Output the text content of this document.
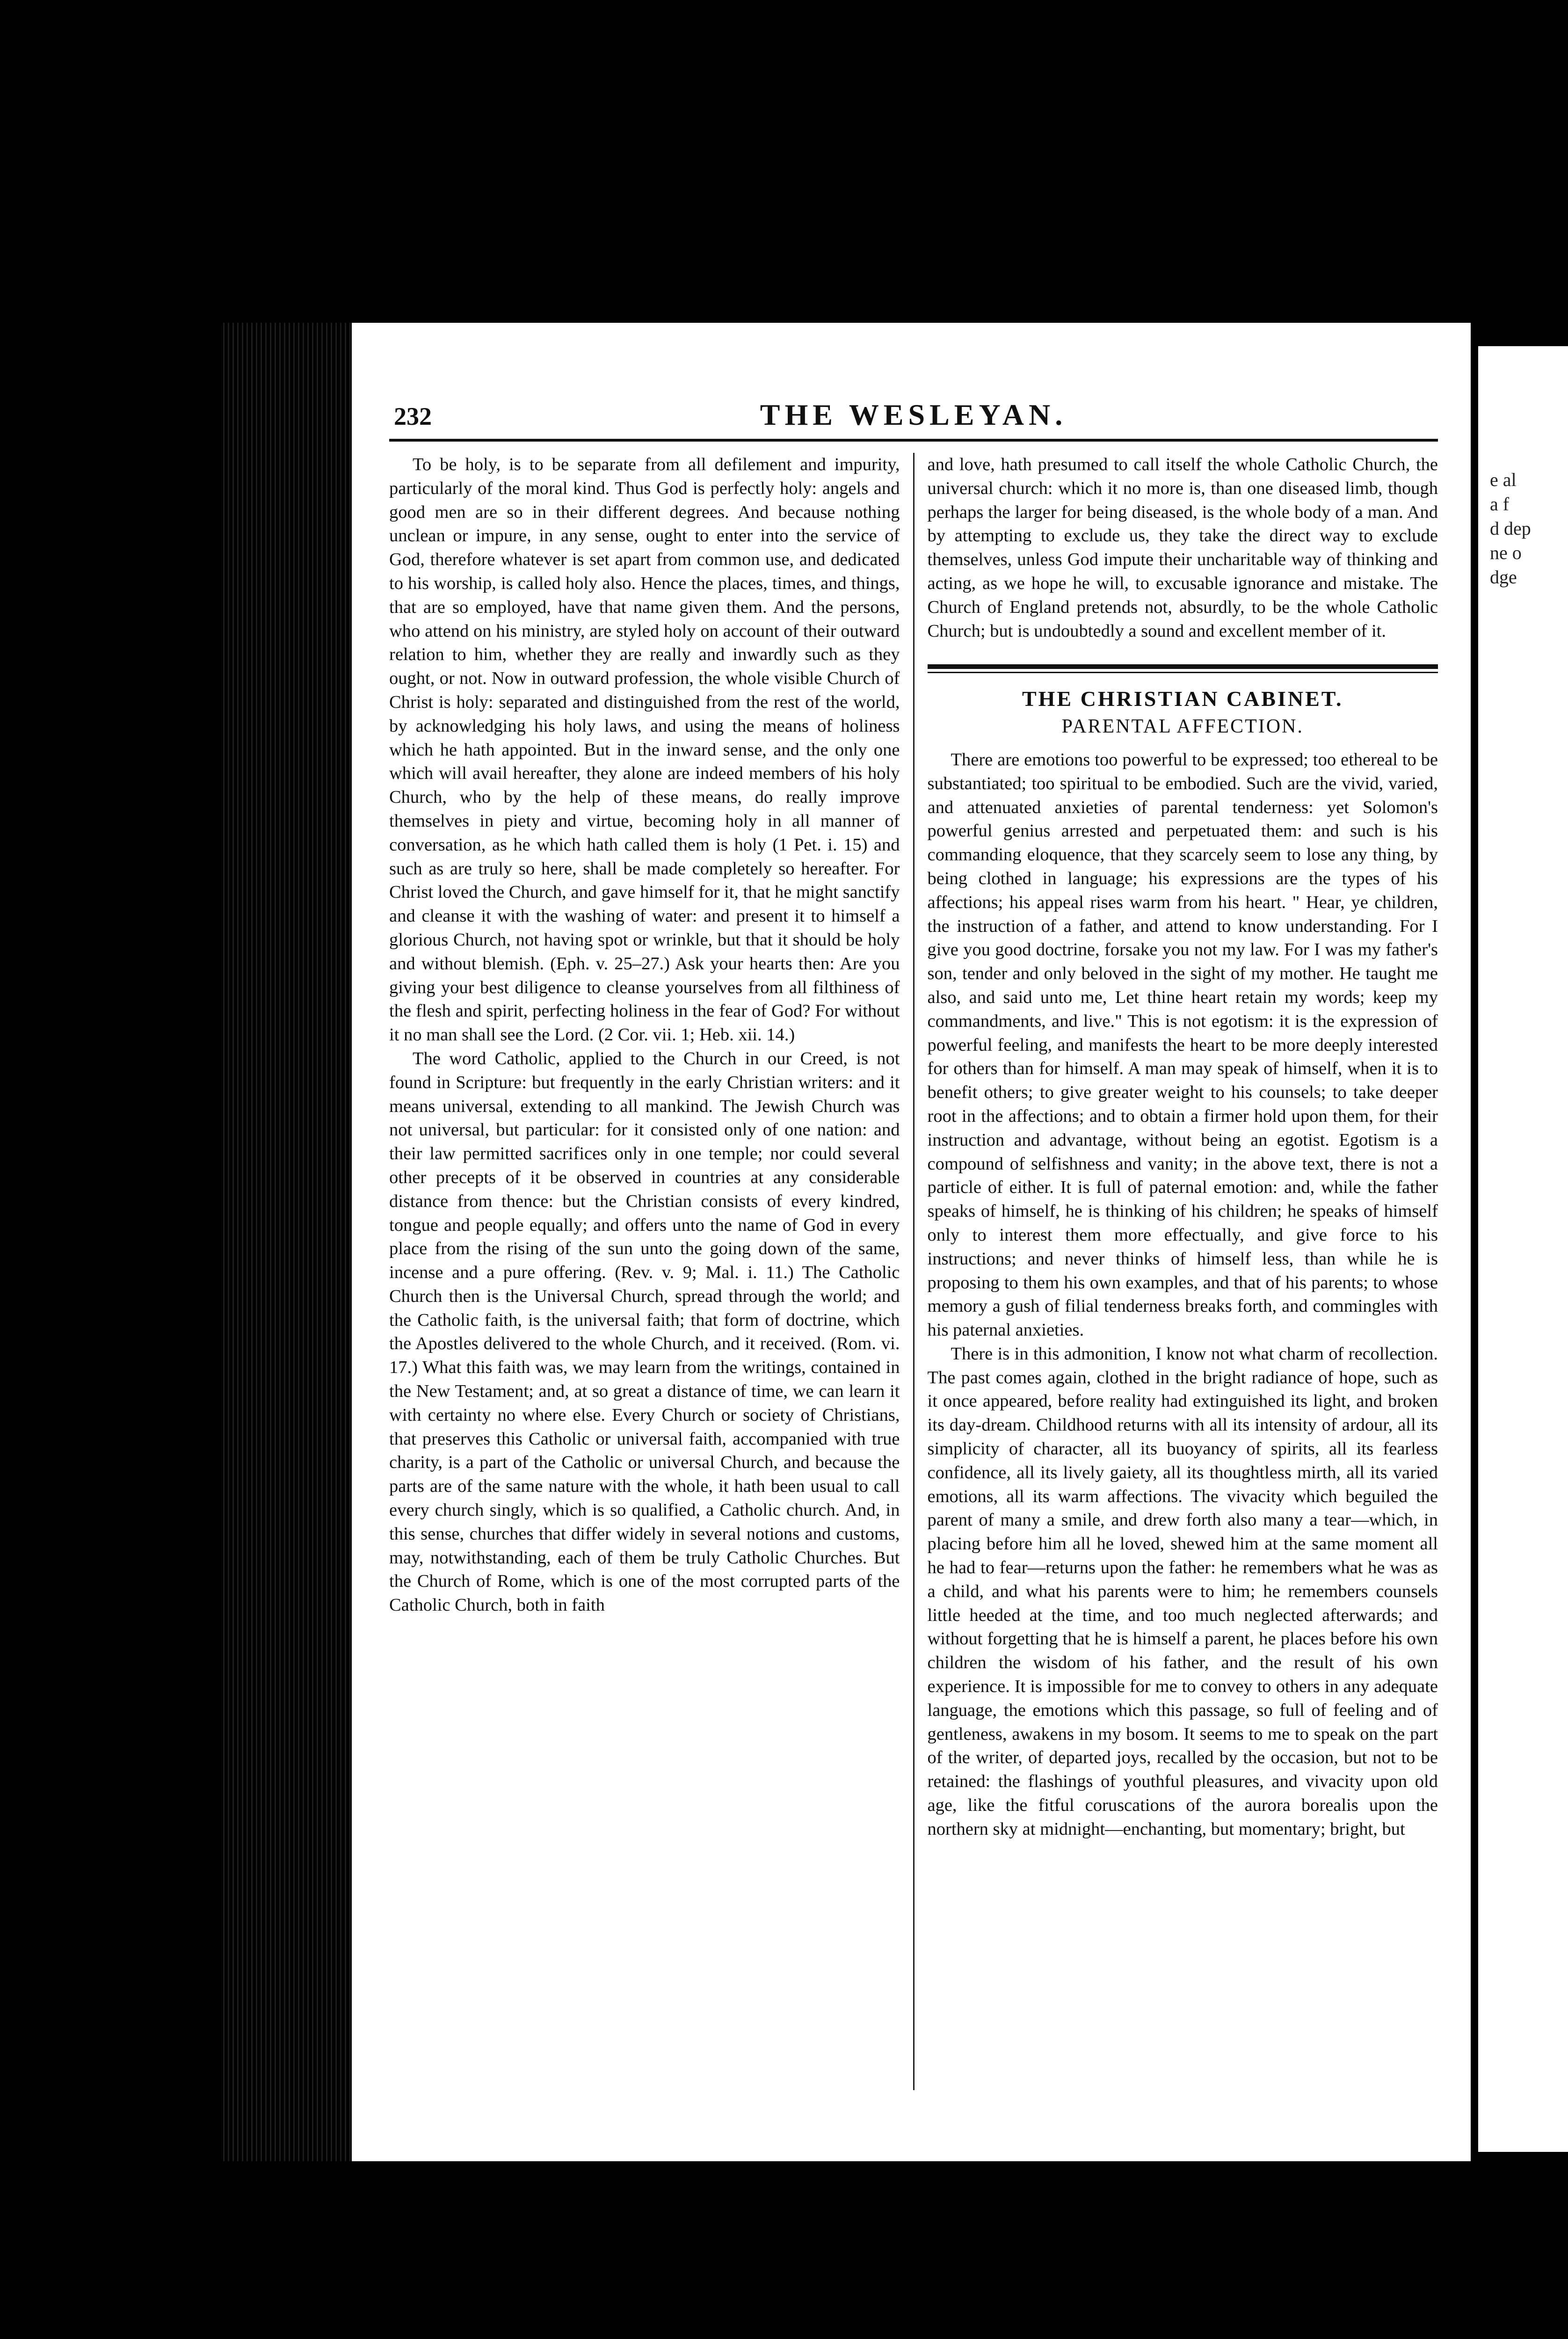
232	THE WESLEYAN.

To be holy, is to be separate from all defilement and impurity, particularly of the moral kind. Thus God is perfectly holy: angels and good men are so in their different degrees. And because nothing unclean or impure, in any sense, ought to enter into the service of God, therefore whatever is set apart from common use, and dedicated to his worship, is called holy also. Hence the places, times, and things, that are so employed, have that name given them. And the persons, who attend on his ministry, are styled holy on account of their outward relation to him, whether they are really and inwardly such as they ought, or not. Now in outward profession, the whole visible Church of Christ is holy: separated and distinguished from the rest of the world, by acknowledging his holy laws, and using the means of holiness which he hath appointed. But in the inward sense, and the only one which will avail hereafter, they alone are indeed members of his holy Church, who by the help of these means, do really improve themselves in piety and virtue, becoming holy in all manner of conversation, as he which hath called them is holy (1 Pet. i. 15) and such as are truly so here, shall be made completely so hereafter. For Christ loved the Church, and gave himself for it, that he might sanctify and cleanse it with the washing of water: and present it to himself a glorious Church, not having spot or wrinkle, but that it should be holy and without blemish. (Eph. v. 25–27.) Ask your hearts then: Are you giving your best diligence to cleanse yourselves from all filthiness of the flesh and spirit, perfecting holiness in the fear of God? For without it no man shall see the Lord. (2 Cor. vii. 1; Heb. xii. 14.)

The word Catholic, applied to the Church in our Creed, is not found in Scripture: but frequently in the early Christian writers: and it means universal, extending to all mankind. The Jewish Church was not universal, but particular: for it consisted only of one nation: and their law permitted sacrifices only in one temple; nor could several other precepts of it be observed in countries at any considerable distance from thence: but the Christian consists of every kindred, tongue and people equally; and offers unto the name of God in every place from the rising of the sun unto the going down of the same, incense and a pure offering. (Rev. v. 9; Mal. i. 11.) The Catholic Church then is the Universal Church, spread through the world; and the Catholic faith, is the universal faith; that form of doctrine, which the Apostles delivered to the whole Church, and it received. (Rom. vi. 17.) What this faith was, we may learn from the writings, contained in the New Testament; and, at so great a distance of time, we can learn it with certainty no where else. Every Church or society of Christians, that preserves this Catholic or universal faith, accompanied with true charity, is a part of the Catholic or universal Church, and because the parts are of the same nature with the whole, it hath been usual to call every church singly, which is so qualified, a Catholic church. And, in this sense, churches that differ widely in several notions and customs, may, notwithstanding, each of them be truly Catholic Churches. But the Church of Rome, which is one of the most corrupted parts of the Catholic Church, both in faith

and love, hath presumed to call itself the whole Catholic Church, the universal church: which it no more is, than one diseased limb, though perhaps the larger for being diseased, is the whole body of a man. And by attempting to exclude us, they take the direct way to exclude themselves, unless God impute their uncharitable way of thinking and acting, as we hope he will, to excusable ignorance and mistake. The Church of England pretends not, absurdly, to be the whole Catholic Church; but is undoubtedly a sound and excellent member of it.

THE CHRISTIAN CABINET.
PARENTAL AFFECTION.

There are emotions too powerful to be expressed; too ethereal to be substantiated; too spiritual to be embodied. Such are the vivid, varied, and attenuated anxieties of parental tenderness: yet Solomon's powerful genius arrested and perpetuated them: and such is his commanding eloquence, that they scarcely seem to lose any thing, by being clothed in language; his expressions are the types of his affections; his appeal rises warm from his heart. " Hear, ye children, the instruction of a father, and attend to know understanding. For I give you good doctrine, forsake you not my law. For I was my father's son, tender and only beloved in the sight of my mother. He taught me also, and said unto me, Let thine heart retain my words; keep my commandments, and live." This is not egotism: it is the expression of powerful feeling, and manifests the heart to be more deeply interested for others than for himself. A man may speak of himself, when it is to benefit others; to give greater weight to his counsels; to take deeper root in the affections; and to obtain a firmer hold upon them, for their instruction and advantage, without being an egotist. Egotism is a compound of selfishness and vanity; in the above text, there is not a particle of either. It is full of paternal emotion: and, while the father speaks of himself, he is thinking of his children; he speaks of himself only to interest them more effectually, and give force to his instructions; and never thinks of himself less, than while he is proposing to them his own examples, and that of his parents; to whose memory a gush of filial tenderness breaks forth, and commingles with his paternal anxieties.

There is in this admonition, I know not what charm of recollection. The past comes again, clothed in the bright radiance of hope, such as it once appeared, before reality had extinguished its light, and broken its day-dream. Childhood returns with all its intensity of ardour, all its simplicity of character, all its buoyancy of spirits, all its fearless confidence, all its lively gaiety, all its thoughtless mirth, all its varied emotions, all its warm affections. The vivacity which beguiled the parent of many a smile, and drew forth also many a tear—which, in placing before him all he loved, shewed him at the same moment all he had to fear—returns upon the father: he remembers what he was as a child, and what his parents were to him; he remembers counsels little heeded at the time, and too much neglected afterwards; and without forgetting that he is himself a parent, he places before his own children the wisdom of his father, and the result of his own experience. It is impossible for me to convey to others in any adequate language, the emotions which this passage, so full of feeling and of gentleness, awakens in my bosom. It seems to me to speak on the part of the writer, of departed joys, recalled by the occasion, but not to be retained: the flashings of youthful pleasures, and vivacity upon old age, like the fitful coruscations of the aurora borealis upon the northern sky at midnight—enchanting, but momentary; bright, but

e al
a f
d dep
ne o
dge
